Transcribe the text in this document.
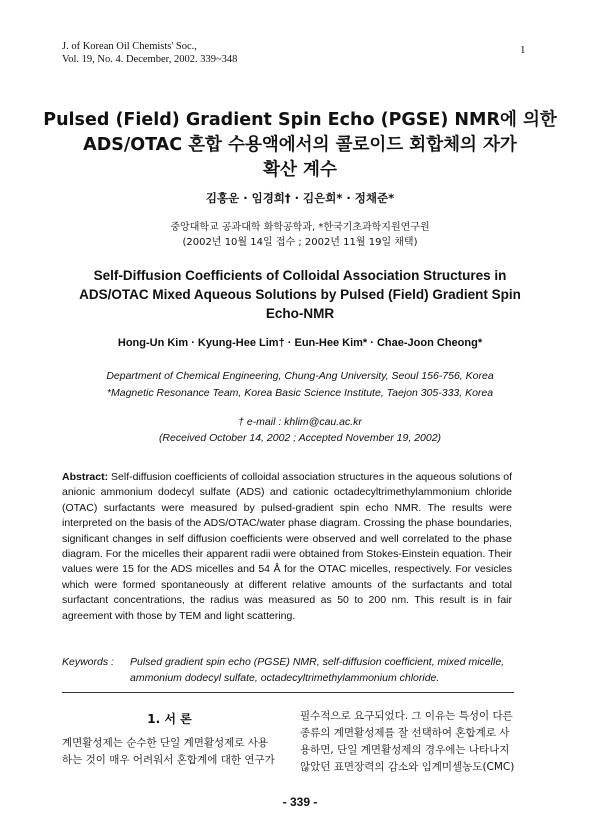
J. of Korean Oil Chemists' Soc.,
Vol. 19, No. 4. December, 2002. 339~348
1
Pulsed (Field) Gradient Spin Echo (PGSE) NMR에 의한
ADS/OTAC 혼합 수용액에서의 콜로이드 회합체의 자가
확산 계수
김홍운 · 임경희† · 김은희* · 정채준*
중앙대학교 공과대학 화학공학과, *한국기초과학지원연구원
(2002년 10월 14일 접수 ; 2002년 11월 19일 채택)
Self-Diffusion Coefficients of Colloidal Association Structures in
ADS/OTAC Mixed Aqueous Solutions by Pulsed (Field) Gradient Spin
Echo-NMR
Hong-Un Kim · Kyung-Hee Lim† · Eun-Hee Kim* · Chae-Joon Cheong*
Department of Chemical Engineering, Chung-Ang University, Seoul 156-756, Korea
*Magnetic Resonance Team, Korea Basic Science Institute, Taejon 305-333, Korea
† e-mail : khlim@cau.ac.kr
(Received October 14, 2002 ; Accepted November 19, 2002)
Abstract: Self-diffusion coefficients of colloidal association structures in the aqueous solutions of anionic ammonium dodecyl sulfate (ADS) and cationic octadecyltrimethylammonium chloride (OTAC) surfactants were measured by pulsed-gradient spin echo NMR. The results were interpreted on the basis of the ADS/OTAC/water phase diagram. Crossing the phase boundaries, significant changes in self diffusion coefficients were observed and well correlated to the phase diagram. For the micelles their apparent radii were obtained from Stokes-Einstein equation. Their values were 15 for the ADS micelles and 54 Å for the OTAC micelles, respectively. For vesicles which were formed spontaneously at different relative amounts of the surfactants and total surfactant concentrations, the radius was measured as 50 to 200 nm. This result is in fair agreement with those by TEM and light scattering.
Keywords : Pulsed gradient spin echo (PGSE) NMR, self-diffusion coefficient, mixed micelle, ammonium dodecyl sulfate, octadecyltrimethylammonium chloride.
1. 서 론
계면활성제는 순수한 단일 계면활성제로 사용
하는 것이 매우 어려워서 혼합계에 대한 연구가
필수적으로 요구되었다. 그 이유는 특성이 다른
종류의 계면활성제를 잘 선택하여 혼합계로 사
용하면, 단일 계면활성제의 경우에는 나타나지
않았던 표면장력의 감소와 임계미셀농도(CMC)
- 339 -
